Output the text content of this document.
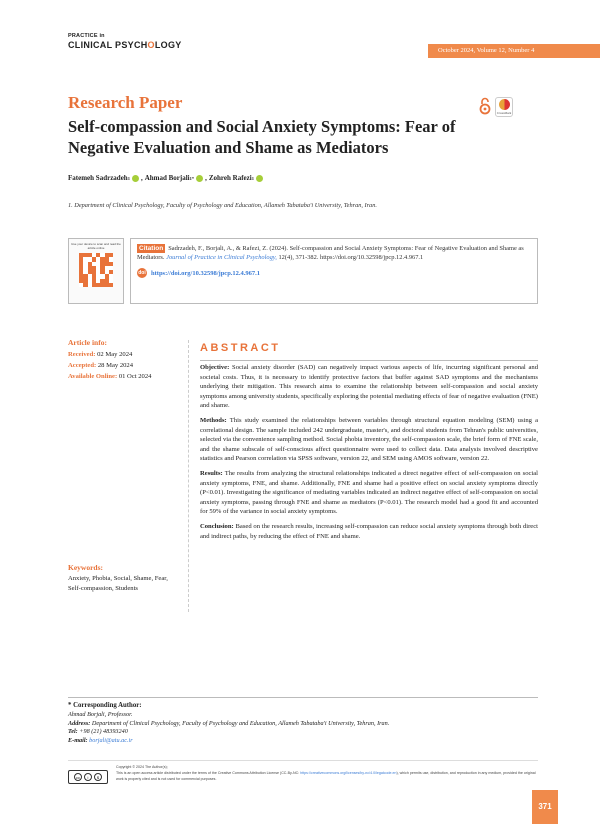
PRACTICE in
CLINICAL PSYCHOLOGY
October 2024, Volume 12, Number 4
Research Paper
CrossMark
Self-compassion and Social Anxiety Symptoms: Fear of Negative Evaluation and Shame as Mediators
Fatemeh Sadrzadeh 1 , Ahmad Borjali 1* , Zohreh Rafezi 1
1. Department of Clinical Psychology, Faculty of Psychology and Education, Allameh Tabataba'i University, Tehran, Iran.
Use your device to scan and read the article online	Citation Sadrzadeh, F., Borjali, A., & Rafezi, Z. (2024). Self-compassion and Social Anxiety Symptoms: Fear of Negative Evaluation and Shame as Mediators. Journal of Practice in Clinical Psychology, 12(4), 371-382. https://doi.org/10.32598/jpcp.12.4.967.1
doi https://doi.org/10.32598/jpcp.12.4.967.1
Article info:
Received: 02 May 2024
Accepted: 28 May 2024
Available Online: 01 Oct 2024
Keywords:
Anxiety, Phobia, Social, Shame, Fear, Self-compassion, Students
ABSTRACT

Objective: Social anxiety disorder (SAD) can negatively impact various aspects of life, incurring significant personal and societal costs. Thus, it is necessary to identify protective factors that buffer against SAD symptoms and the mechanisms underlying their mitigation. This research aims to examine the relationship between self-compassion and social anxiety symptoms among university students, specifically exploring the potential mediating effects of fear of negative evaluation (FNE) and shame.

Methods: This study examined the relationships between variables through structural equation modeling (SEM) using a correlational design. The sample included 242 undergraduate, master's, and doctoral students from Tehran's public universities, selected via the convenience sampling method. Social phobia inventory, the self-compassion scale, the brief form of FNE scale, and the shame subscale of self-conscious affect questionnaire were used to collect data. Data analysis involved descriptive statistics and Pearson correlation via SPSS software, version 22, and SEM using AMOS software, version 22.

Results: The results from analyzing the structural relationships indicated a direct negative effect of self-compassion on social anxiety symptoms, FNE, and shame. Additionally, FNE and shame had a positive effect on social anxiety symptoms directly (P<0.01). Investigating the significance of mediating variables indicated an indirect negative effect of self-compassion on social anxiety symptoms, passing through FNE and shame as mediators (P<0.01). The research model had a good fit and accounted for 59% of the variance in social anxiety symptoms.

Conclusion: Based on the research results, increasing self-compassion can reduce social anxiety symptoms through both direct and indirect paths, by reducing the effect of FNE and shame.

* Corresponding Author:
Ahmad Borjali, Professor.
Address: Department of Clinical Psychology, Faculty of Psychology and Education, Allameh Tabataba'i University, Tehran, Iran.
Tel: +98 (21) 48393240
E-mail: borjali@atu.ac.ir
cc	i	$
Copyright © 2024 The Author(s);
This is an open access article distributed under the terms of the Creative Commons Attribution License (CC-By-NC: https://creativecommons.org/licenses/by-nc/4.0/legalcode.en), which permits use, distribution, and reproduction in any medium, provided the original work is properly cited and is not used for commercial purposes.
371
